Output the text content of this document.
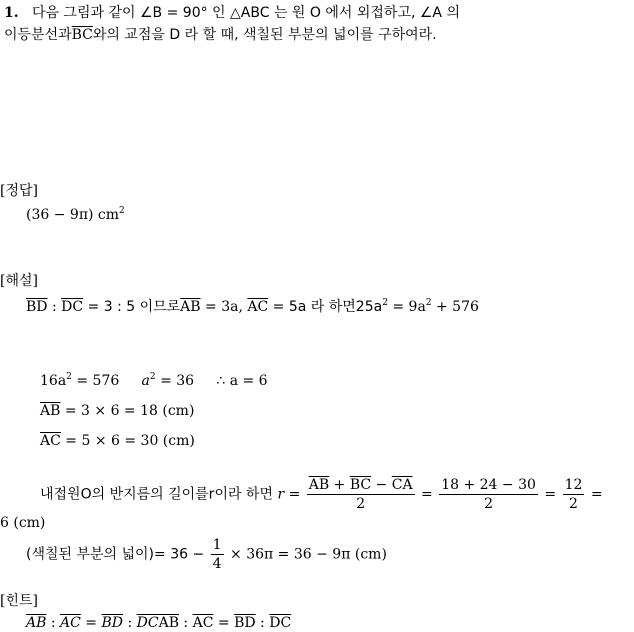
1. 다음 그림과 같이 ∠B = 90° 인 △ABC 는 원 O 에서 외접하고, ∠A 의
이등분선과$\overline{BC}$와의 교점을 D 라 할 때, 색칠된 부분의 넓이를 구하여라.
[정답]
(36 − 9π) $cm^2$
[해설]
$\overline{BD}$ : $\overline{DC} = 3$ : 5 이므로$\overline{AB} = 3a$, $\overline{AC} = 5a$ 라 하면$25a^2 = 9a^2 + 576$
$16a^2 = 576$ $a^2 = 36$ ∴ a = 6
$\overline{AB} = 3 \times 6 = 18$ (cm)
$\overline{AC} = 5 \times 6 = 30$ (cm)
내접원O의 반지름의 길이를r이라 하면 $r = \frac{\overline{AB} + \overline{BC} - \overline{CA}}{2} = \frac{18 + 24 - 30}{2} = \frac{12}{2}$ =
6 (cm)
(색칠된 부분의 넓이)= $36 - \frac{1}{4} \times 36\pi = 36 - 9\pi$ (cm)
[힌트]
$\overline{AB}$ : $\overline{AC} = \overline{BD}$ : $\overline{DC}\overline{AB}$ : $\overline{AC} = \overline{BD}$ : $\overline{DC}$
